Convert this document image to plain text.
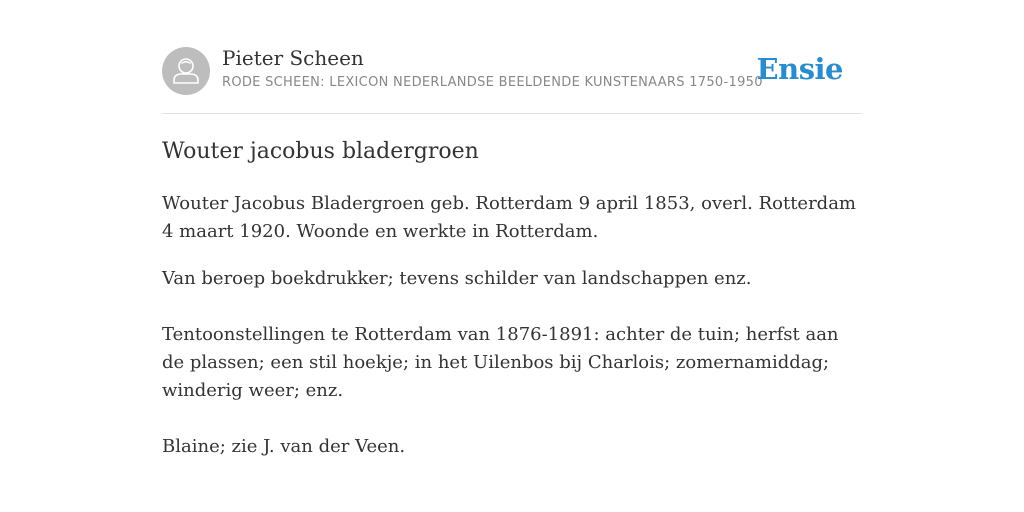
Pieter Scheen
RODE SCHEEN: LEXICON NEDERLANDSE BEELDENDE KUNSTENAARS 1750-1950
Ensie
Wouter jacobus bladergroen

Wouter Jacobus Bladergroen geb. Rotterdam 9 april 1853, overl. Rotterdam 4 maart 1920. Woonde en werkte in Rotterdam.

Van beroep boekdrukker; tevens schilder van landschappen enz.

Tentoonstellingen te Rotterdam van 1876-1891: achter de tuin; herfst aan de plassen; een stil hoekje; in het Uilenbos bij Charlois; zomernamiddag; winderig weer; enz.

Blaine; zie J. van der Veen.
